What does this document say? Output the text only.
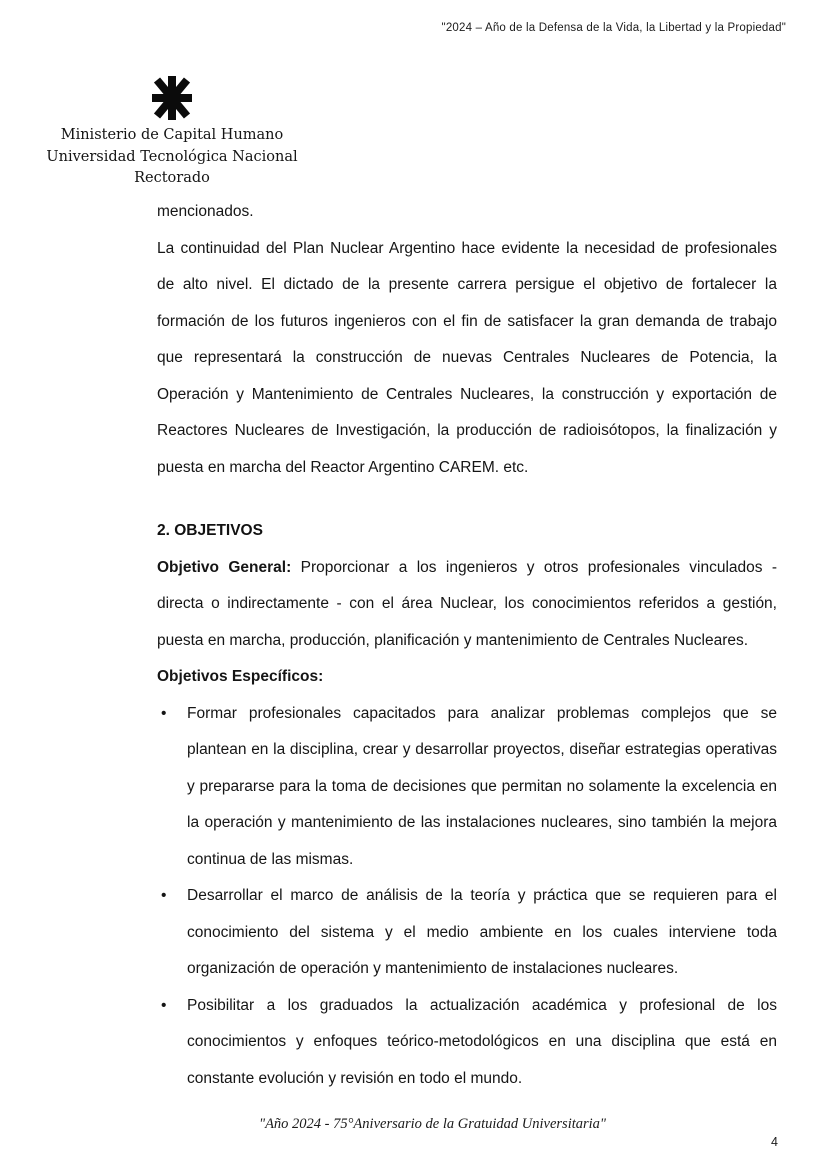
"2024 – Año de la Defensa de la Vida, la Libertad y la Propiedad"
Ministerio de Capital Humano
Universidad Tecnológica Nacional
Rectorado

mencionados.

La continuidad del Plan Nuclear Argentino hace evidente la necesidad de profesionales de alto nivel. El dictado de la presente carrera persigue el objetivo de fortalecer la formación de los futuros ingenieros con el fin de satisfacer la gran demanda de trabajo que representará la construcción de nuevas Centrales Nucleares de Potencia, la Operación y Mantenimiento de Centrales Nucleares, la construcción y exportación de Reactores Nucleares de Investigación, la producción de radioisótopos, la finalización y puesta en marcha del Reactor Argentino CAREM. etc.

2. OBJETIVOS

Objetivo General: Proporcionar a los ingenieros y otros profesionales vinculados - directa o indirectamente - con el área Nuclear, los conocimientos referidos a gestión, puesta en marcha, producción, planificación y mantenimiento de Centrales Nucleares.

Objetivos Específicos:

• Formar profesionales capacitados para analizar problemas complejos que se plantean en la disciplina, crear y desarrollar proyectos, diseñar estrategias operativas y prepararse para la toma de decisiones que permitan no solamente la excelencia en la operación y mantenimiento de las instalaciones nucleares, sino también la mejora continua de las mismas.
• Desarrollar el marco de análisis de la teoría y práctica que se requieren para el conocimiento del sistema y el medio ambiente en los cuales interviene toda organización de operación y mantenimiento de instalaciones nucleares.
• Posibilitar a los graduados la actualización académica y profesional de los conocimientos y enfoques teórico-metodológicos en una disciplina que está en constante evolución y revisión en todo el mundo.
"Año 2024 - 75°Aniversario de la Gratuidad Universitaria"
4
